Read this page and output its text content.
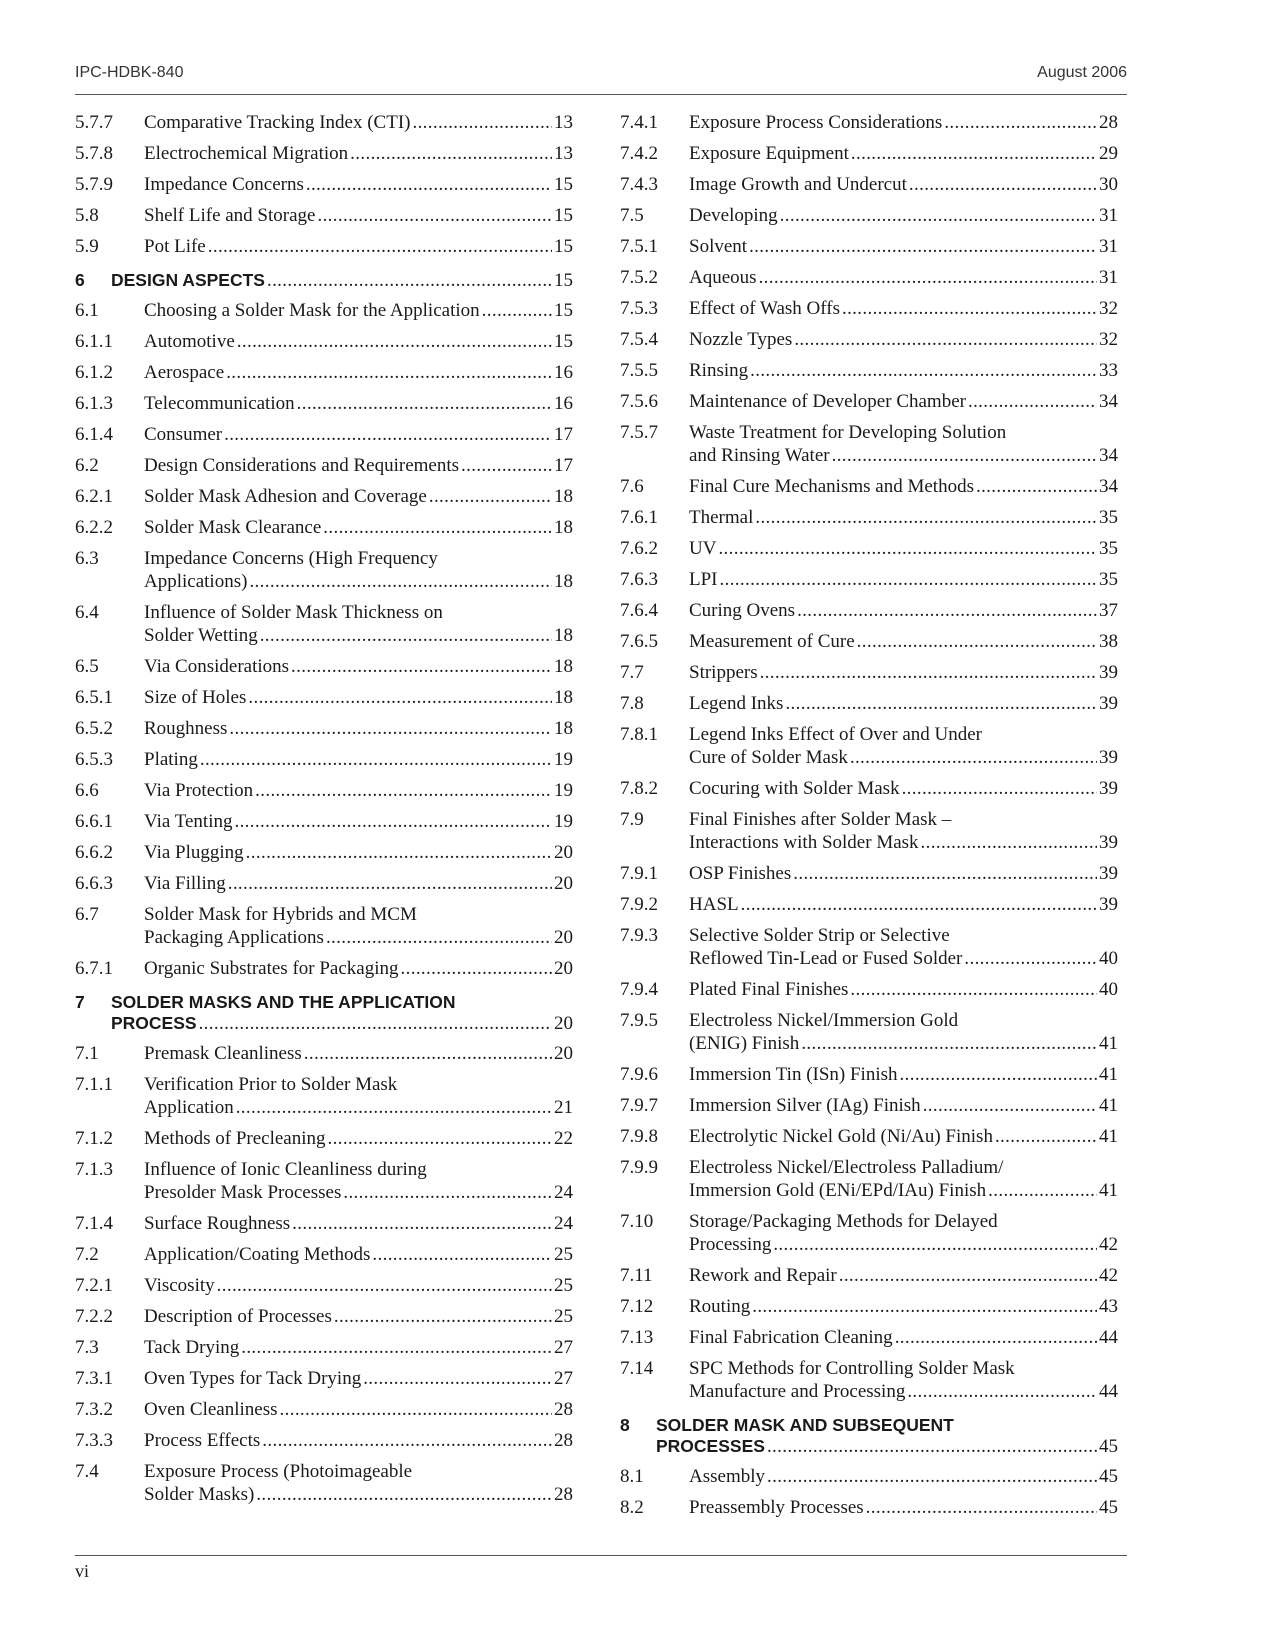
IPC-HDBK-840	August 2006
5.7.7	Comparative Tracking Index (CTI) . . .	13
5.7.8	Electrochemical Migration . . .	13
5.7.9	Impedance Concerns . . .	15
5.8	Shelf Life and Storage . . .	15
5.9	Pot Life . . .	15
6	DESIGN ASPECTS . . .	15
6.1	Choosing a Solder Mask for the Application . . .	15
6.1.1	Automotive . . .	15
6.1.2	Aerospace . . .	16
6.1.3	Telecommunication . . .	16
6.1.4	Consumer . . .	17
6.2	Design Considerations and Requirements . . .	17
6.2.1	Solder Mask Adhesion and Coverage . . .	18
6.2.2	Solder Mask Clearance . . .	18
6.3	Impedance Concerns (High Frequency
Applications) . . .	18
6.4	Influence of Solder Mask Thickness on
Solder Wetting . . .	18
6.5	Via Considerations . . .	18
6.5.1	Size of Holes . . .	18
6.5.2	Roughness . . .	18
6.5.3	Plating . . .	19
6.6	Via Protection . . .	19
6.6.1	Via Tenting . . .	19
6.6.2	Via Plugging . . .	20
6.6.3	Via Filling . . .	20
6.7	Solder Mask for Hybrids and MCM
Packaging Applications . . .	20
6.7.1	Organic Substrates for Packaging . . .	20
7	SOLDER MASKS AND THE APPLICATION
PROCESS . . .	20
7.1	Premask Cleanliness . . .	20
7.1.1	Verification Prior to Solder Mask
Application . . .	21
7.1.2	Methods of Precleaning . . .	22
7.1.3	Influence of Ionic Cleanliness during
Presolder Mask Processes . . .	24
7.1.4	Surface Roughness . . .	24
7.2	Application/Coating Methods . . .	25
7.2.1	Viscosity . . .	25
7.2.2	Description of Processes . . .	25
7.3	Tack Drying . . .	27
7.3.1	Oven Types for Tack Drying . . .	27
7.3.2	Oven Cleanliness . . .	28
7.3.3	Process Effects . . .	28
7.4	Exposure Process (Photoimageable
Solder Masks) . . .	28
7.4.1	Exposure Process Considerations . . .	28
7.4.2	Exposure Equipment . . .	29
7.4.3	Image Growth and Undercut . . .	30
7.5	Developing . . .	31
7.5.1	Solvent . . .	31
7.5.2	Aqueous . . .	31
7.5.3	Effect of Wash Offs . . .	32
7.5.4	Nozzle Types . . .	32
7.5.5	Rinsing . . .	33
7.5.6	Maintenance of Developer Chamber . . .	34
7.5.7	Waste Treatment for Developing Solution
and Rinsing Water . . .	34
7.6	Final Cure Mechanisms and Methods . . .	34
7.6.1	Thermal . . .	35
7.6.2	UV . . .	35
7.6.3	LPI . . .	35
7.6.4	Curing Ovens . . .	37
7.6.5	Measurement of Cure . . .	38
7.7	Strippers . . .	39
7.8	Legend Inks . . .	39
7.8.1	Legend Inks Effect of Over and Under
Cure of Solder Mask . . .	39
7.8.2	Cocuring with Solder Mask . . .	39
7.9	Final Finishes after Solder Mask –
Interactions with Solder Mask . . .	39
7.9.1	OSP Finishes . . .	39
7.9.2	HASL . . .	39
7.9.3	Selective Solder Strip or Selective
Reflowed Tin-Lead or Fused Solder . . .	40
7.9.4	Plated Final Finishes . . .	40
7.9.5	Electroless Nickel/Immersion Gold
(ENIG) Finish . . .	41
7.9.6	Immersion Tin (ISn) Finish . . .	41
7.9.7	Immersion Silver (IAg) Finish . . .	41
7.9.8	Electrolytic Nickel Gold (Ni/Au) Finish . . .	41
7.9.9	Electroless Nickel/Electroless Palladium/
Immersion Gold (ENi/EPd/IAu) Finish . . .	41
7.10	Storage/Packaging Methods for Delayed
Processing . . .	42
7.11	Rework and Repair . . .	42
7.12	Routing . . .	43
7.13	Final Fabrication Cleaning . . .	44
7.14	SPC Methods for Controlling Solder Mask
Manufacture and Processing . . .	44
8	SOLDER MASK AND SUBSEQUENT
PROCESSES . . .	45
8.1	Assembly . . .	45
8.2	Preassembly Processes . . .	45
vi
